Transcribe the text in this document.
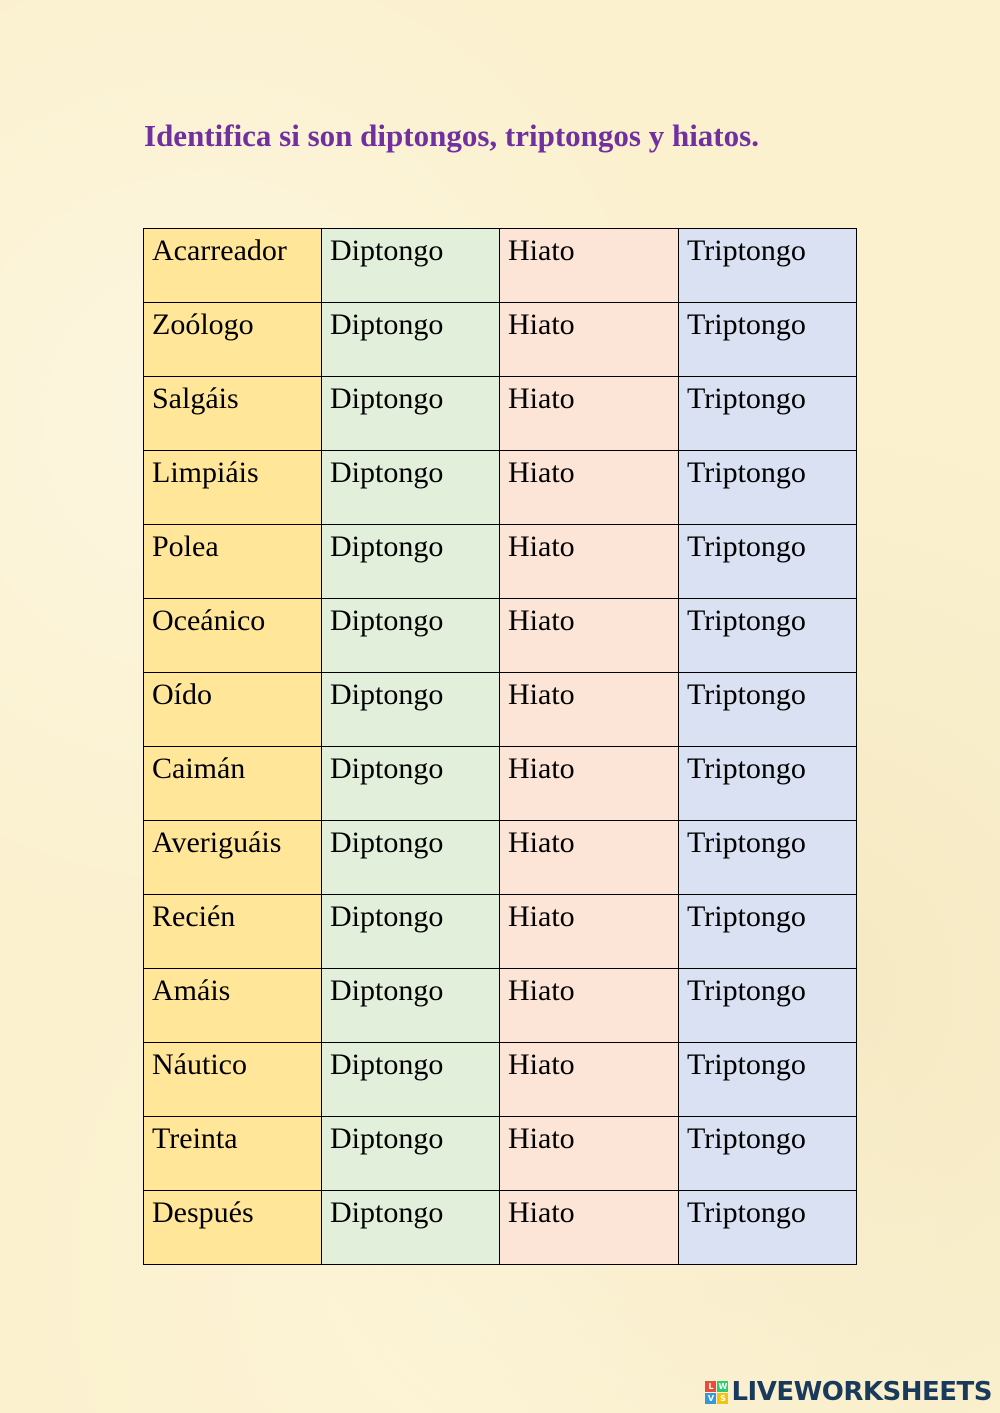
Identifica si son diptongos, triptongos y hiatos.
Acarreador	Diptongo	Hiato	Triptongo
Zoólogo	Diptongo	Hiato	Triptongo
Salgáis	Diptongo	Hiato	Triptongo
Limpiáis	Diptongo	Hiato	Triptongo
Polea	Diptongo	Hiato	Triptongo
Oceánico	Diptongo	Hiato	Triptongo
Oído	Diptongo	Hiato	Triptongo
Caimán	Diptongo	Hiato	Triptongo
Averiguáis	Diptongo	Hiato	Triptongo
Recién	Diptongo	Hiato	Triptongo
Amáis	Diptongo	Hiato	Triptongo
Náutico	Diptongo	Hiato	Triptongo
Treinta	Diptongo	Hiato	Triptongo
Después	Diptongo	Hiato	Triptongo
L W
V S LIVEWORKSHEETS
